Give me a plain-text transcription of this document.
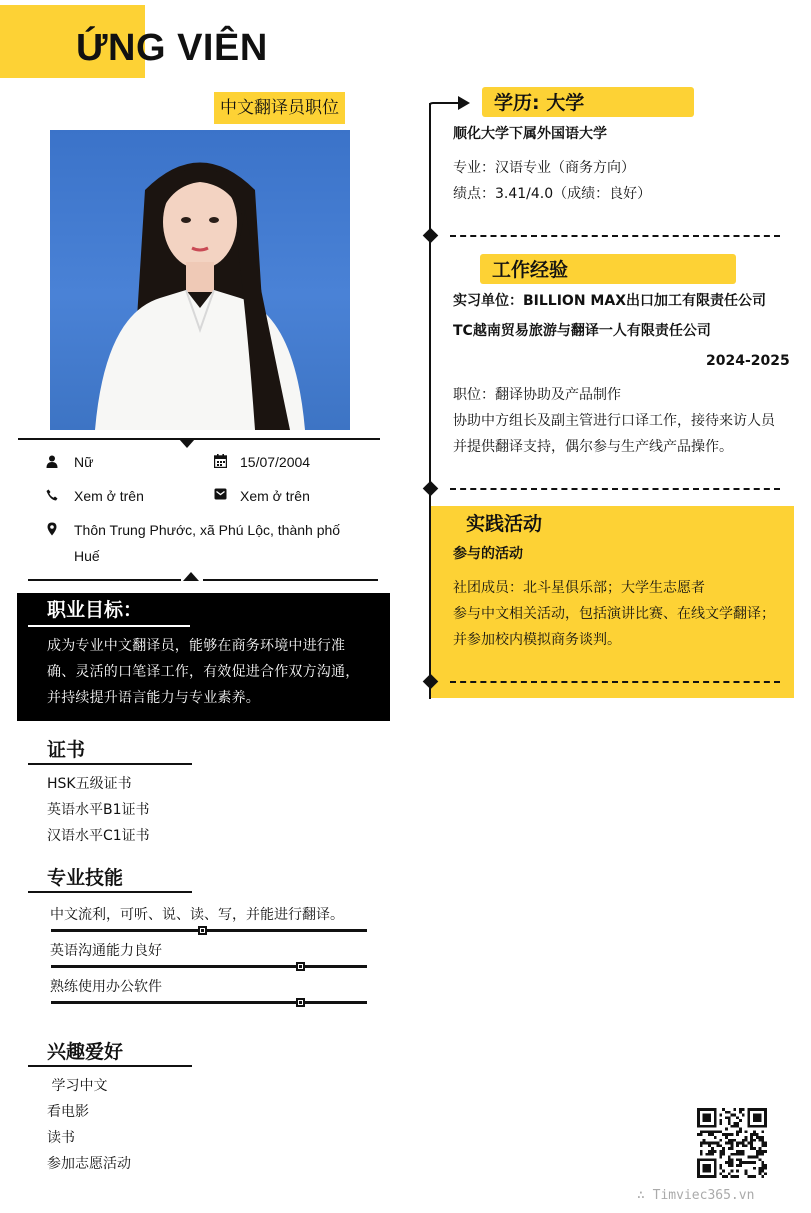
ỨNG VIÊN
中文翻译员职位
Nữ	15/07/2004
Xem ở trên	Xem ở trên
Thôn Trung Phước, xã Phú Lộc, thành phố Huế
职业目标：
成为专业中文翻译员，能够在商务环境中进行准确、灵活的口笔译工作，有效促进合作双方沟通，并持续提升语言能力与专业素养。
证书
HSK五级证书
英语水平B1证书
汉语水平C1证书
专业技能
中文流利，可听、说、读、写，并能进行翻译。
英语沟通能力良好
熟练使用办公软件
兴趣爱好
学习中文
看电影
读书
参加志愿活动
学历: 大学
顺化大学下属外国语大学
专业：汉语专业（商务方向）
绩点：3.41/4.0（成绩：良好）
工作经验
实习单位：BILLION MAX出口加工有限责任公司
TC越南贸易旅游与翻译一人有限责任公司
2024-2025
职位：翻译协助及产品制作
协助中方组长及副主管进行口译工作，接待来访人员并提供翻译支持，偶尔参与生产线产品操作。
实践活动
参与的活动
社团成员：北斗星俱乐部；大学生志愿者
参与中文相关活动，包括演讲比赛、在线文学翻译；并参加校内模拟商务谈判。
∴ Timviec365.vn
